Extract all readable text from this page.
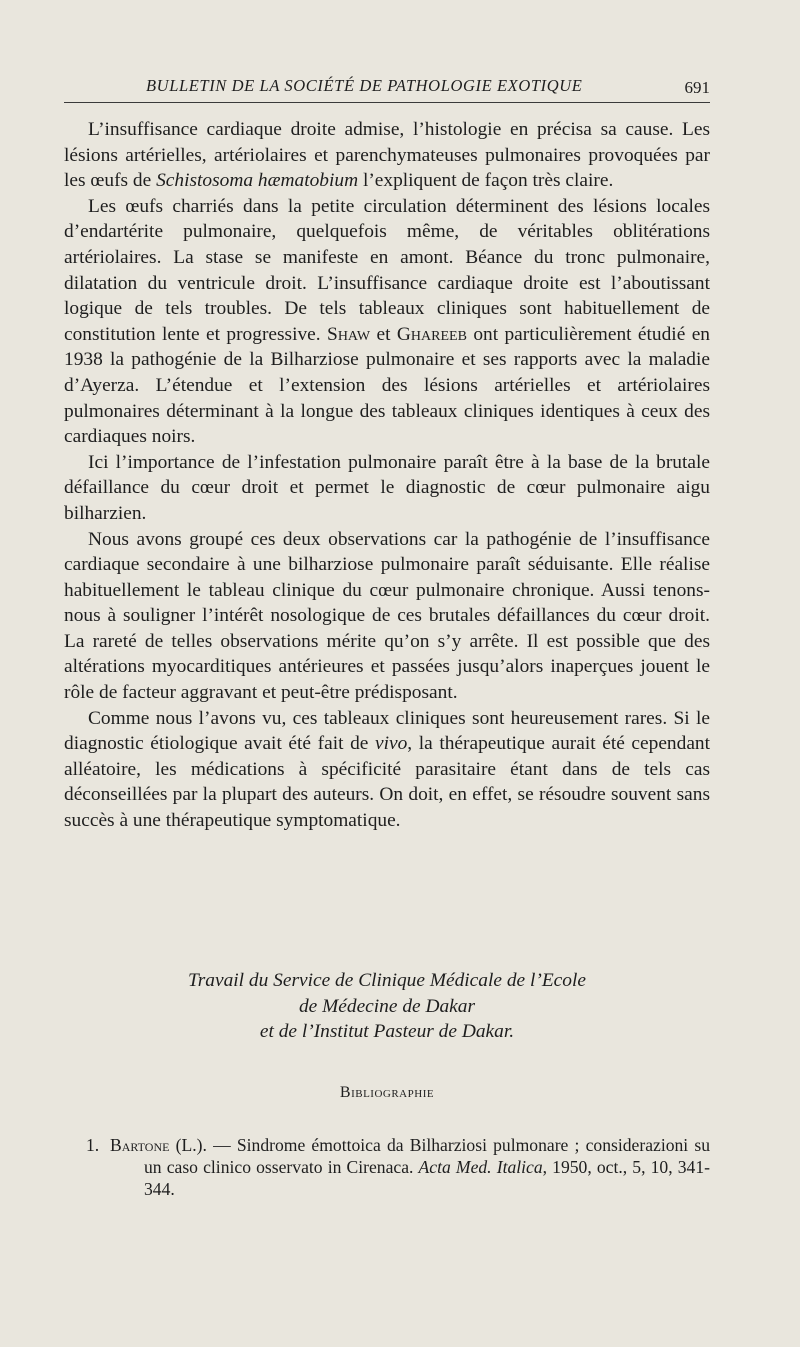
BULLETIN DE LA SOCIÉTÉ DE PATHOLOGIE EXOTIQUE	691

L’insuffisance cardiaque droite admise, l’histologie en précisa sa cause. Les lésions artérielles, artériolaires et parenchymateuses pulmonaires provoquées par les œufs de Schistosoma hæmatobium l’expliquent de façon très claire.

Les œufs charriés dans la petite circulation déterminent des lésions locales d’endartérite pulmonaire, quelquefois même, de véritables oblitérations artériolaires. La stase se manifeste en amont. Béance du tronc pulmonaire, dilatation du ventricule droit. L’insuffisance cardiaque droite est l’aboutissant logique de tels troubles. De tels tableaux cliniques sont habituellement de constitution lente et progressive. Shaw et Ghareeb ont particulièrement étudié en 1938 la pathogénie de la Bilharziose pulmonaire et ses rapports avec la maladie d’Ayerza. L’étendue et l’extension des lésions artérielles et artériolaires pulmonaires déterminant à la longue des tableaux cliniques identiques à ceux des cardiaques noirs.

Ici l’importance de l’infestation pulmonaire paraît être à la base de la brutale défaillance du cœur droit et permet le diagnostic de cœur pulmonaire aigu bilharzien.

Nous avons groupé ces deux observations car la pathogénie de l’insuffisance cardiaque secondaire à une bilharziose pulmonaire paraît séduisante. Elle réalise habituellement le tableau clinique du cœur pulmonaire chronique. Aussi tenons-nous à souligner l’intérêt nosologique de ces brutales défaillances du cœur droit. La rareté de telles observations mérite qu’on s’y arrête. Il est possible que des altérations myocarditiques antérieures et passées jusqu’alors inaperçues jouent le rôle de facteur aggravant et peut-être prédisposant.

Comme nous l’avons vu, ces tableaux cliniques sont heureusement rares. Si le diagnostic étiologique avait été fait de vivo, la thérapeutique aurait été cependant alléatoire, les médications à spécificité parasitaire étant dans de tels cas déconseillées par la plupart des auteurs. On doit, en effet, se résoudre souvent sans succès à une thérapeutique symptomatique.

Travail du Service de Clinique Médicale de l’Ecole
de Médecine de Dakar
et de l’Institut Pasteur de Dakar.
Bibliographie
1. Bartone (L.). — Sindrome émottoica da Bilharziosi pulmonare ; considerazioni su un caso clinico osservato in Cirenaca. Acta Med. Italica, 1950, oct., 5, 10, 341-344.
